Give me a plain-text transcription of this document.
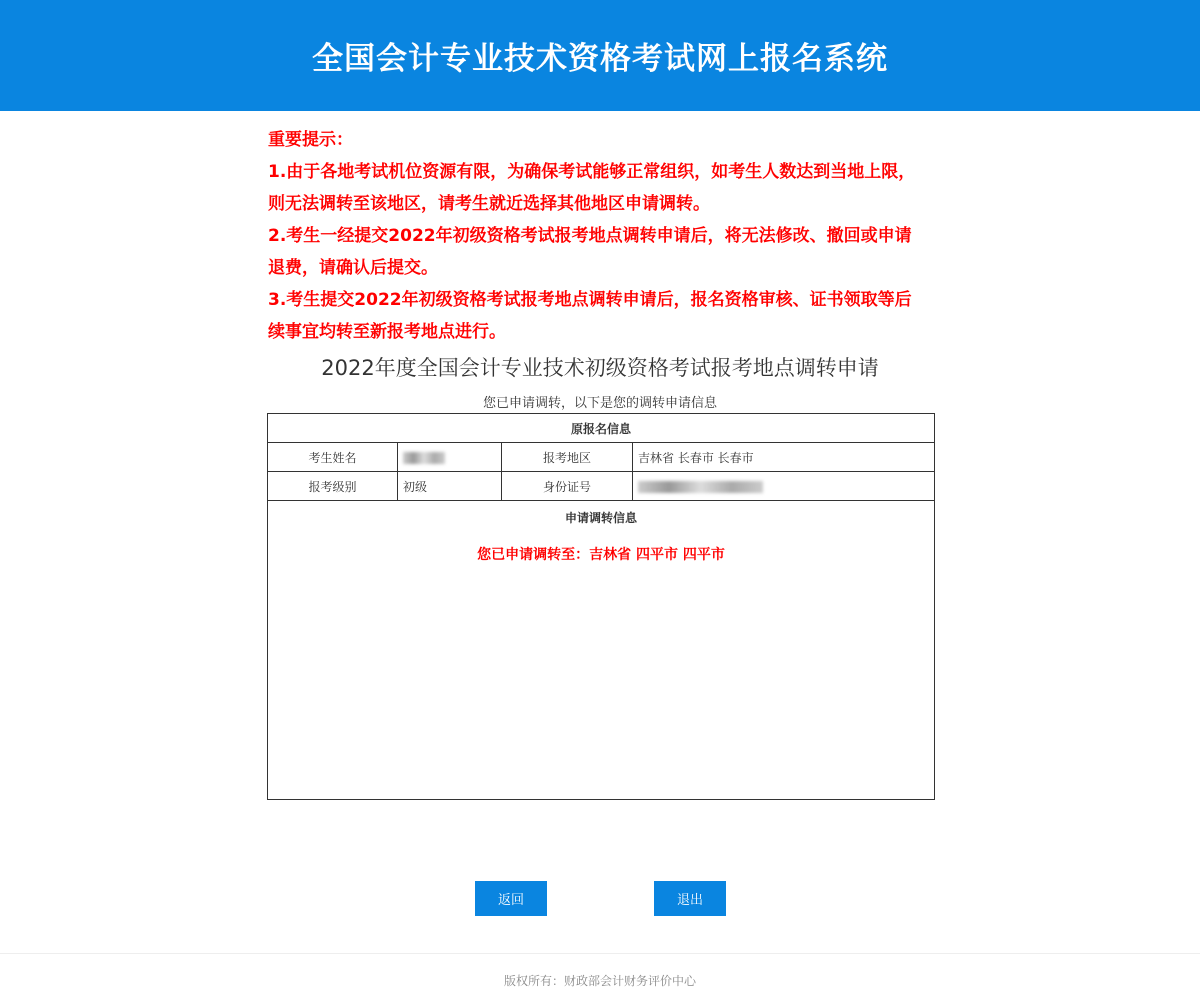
全国会计专业技术资格考试网上报名系统

重要提示：

1.由于各地考试机位资源有限，为确保考试能够正常组织，如考生人数达到当地上限，则无法调转至该地区，请考生就近选择其他地区申请调转。

2.考生一经提交2022年初级资格考试报考地点调转申请后，将无法修改、撤回或申请退费，请确认后提交。

3.考生提交2022年初级资格考试报考地点调转申请后，报名资格审核、证书领取等后续事宜均转至新报考地点进行。

2022年度全国会计专业技术初级资格考试报考地点调转申请
您已申请调转，以下是您的调转申请信息
原报名信息			
考生姓名		报考地区	吉林省 长春市 长春市
报考级别	初级	身份证号	

申请调转信息
您已申请调转至：吉林省 四平市 四平市			
返回	退出
版权所有：财政部会计财务评价中心
